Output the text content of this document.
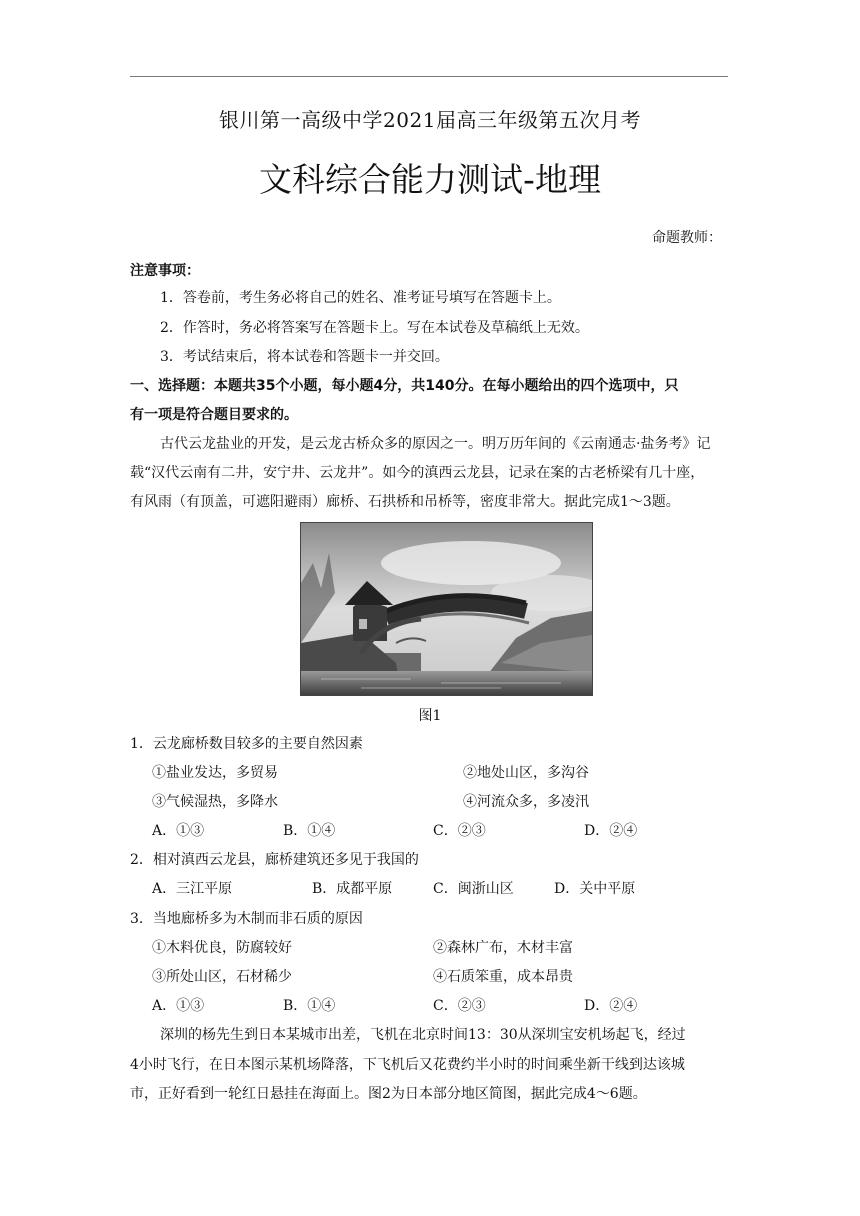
银川第一高级中学2021届高三年级第五次月考
文科综合能力测试-地理
命题教师：
注意事项：
1．答卷前，考生务必将自己的姓名、准考证号填写在答题卡上。
2．作答时，务必将答案写在答题卡上。写在本试卷及草稿纸上无效。
3．考试结束后，将本试卷和答题卡一并交回。
一、选择题：本题共35个小题，每小题4分，共140分。在每小题给出的四个选项中，只
有一项是符合题目要求的。
古代云龙盐业的开发，是云龙古桥众多的原因之一。明万历年间的《云南通志·盐务考》记
载“汉代云南有二井，安宁井、云龙井”。如今的滇西云龙县，记录在案的古老桥梁有几十座，
有风雨（有顶盖，可遮阳避雨）廊桥、石拱桥和吊桥等，密度非常大。据此完成1～3题。
图1
1．云龙廊桥数目较多的主要自然因素
①盐业发达，多贸易	②地处山区，多沟谷
③气候湿热，多降水	④河流众多，多凌汛
A．①③	B．①④	C．②③	D．②④
2．相对滇西云龙县，廊桥建筑还多见于我国的
A．三江平原	B．成都平原	C．闽浙山区	D．关中平原
3．当地廊桥多为木制而非石质的原因
①木料优良，防腐较好	②森林广布，木材丰富
③所处山区，石材稀少	④石质笨重，成本昂贵
A．①③	B．①④	C．②③	D．②④
深圳的杨先生到日本某城市出差，飞机在北京时间13：30从深圳宝安机场起飞，经过
4小时飞行，在日本图示某机场降落，下飞机后又花费约半小时的时间乘坐新干线到达该城
市，正好看到一轮红日悬挂在海面上。图2为日本部分地区简图，据此完成4～6题。
